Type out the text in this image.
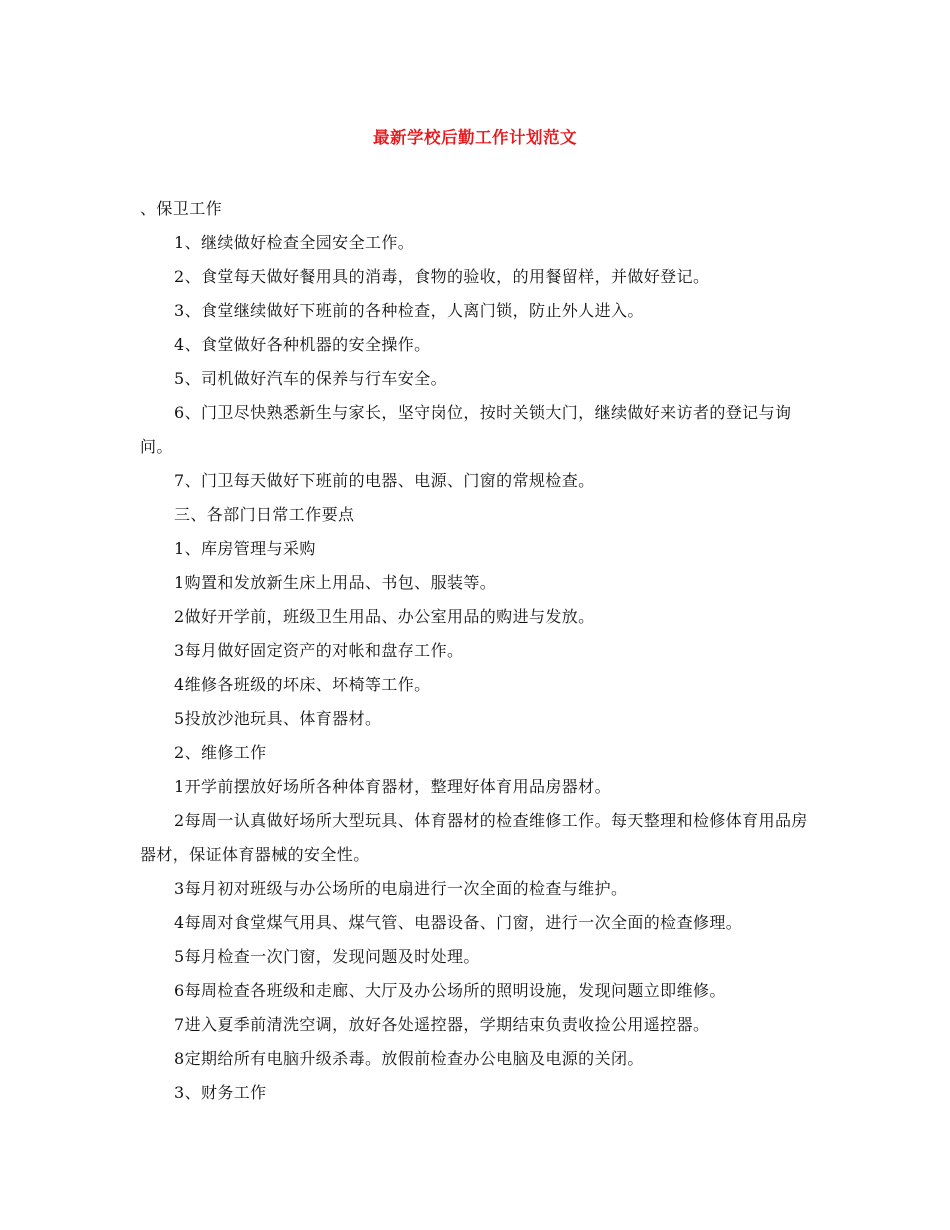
最新学校后勤工作计划范文

、保卫工作

1、继续做好检查全园安全工作。

2、食堂每天做好餐用具的消毒，食物的验收，的用餐留样，并做好登记。

3、食堂继续做好下班前的各种检查，人离门锁，防止外人进入。

4、食堂做好各种机器的安全操作。

5、司机做好汽车的保养与行车安全。

6、门卫尽快熟悉新生与家长，坚守岗位，按时关锁大门，继续做好来访者的登记与询问。

7、门卫每天做好下班前的电器、电源、门窗的常规检查。

三、各部门日常工作要点

1、库房管理与采购

1购置和发放新生床上用品、书包、服装等。

2做好开学前，班级卫生用品、办公室用品的购进与发放。

3每月做好固定资产的对帐和盘存工作。

4维修各班级的坏床、坏椅等工作。

5投放沙池玩具、体育器材。

2、维修工作

1开学前摆放好场所各种体育器材，整理好体育用品房器材。

2每周一认真做好场所大型玩具、体育器材的检查维修工作。每天整理和检修体育用品房器材，保证体育器械的安全性。

3每月初对班级与办公场所的电扇进行一次全面的检查与维护。

4每周对食堂煤气用具、煤气管、电器设备、门窗，进行一次全面的检查修理。

5每月检查一次门窗，发现问题及时处理。

6每周检查各班级和走廊、大厅及办公场所的照明设施，发现问题立即维修。

7进入夏季前清洗空调，放好各处遥控器，学期结束负责收捡公用遥控器。

8定期给所有电脑升级杀毒。放假前检查办公电脑及电源的关闭。

3、财务工作
